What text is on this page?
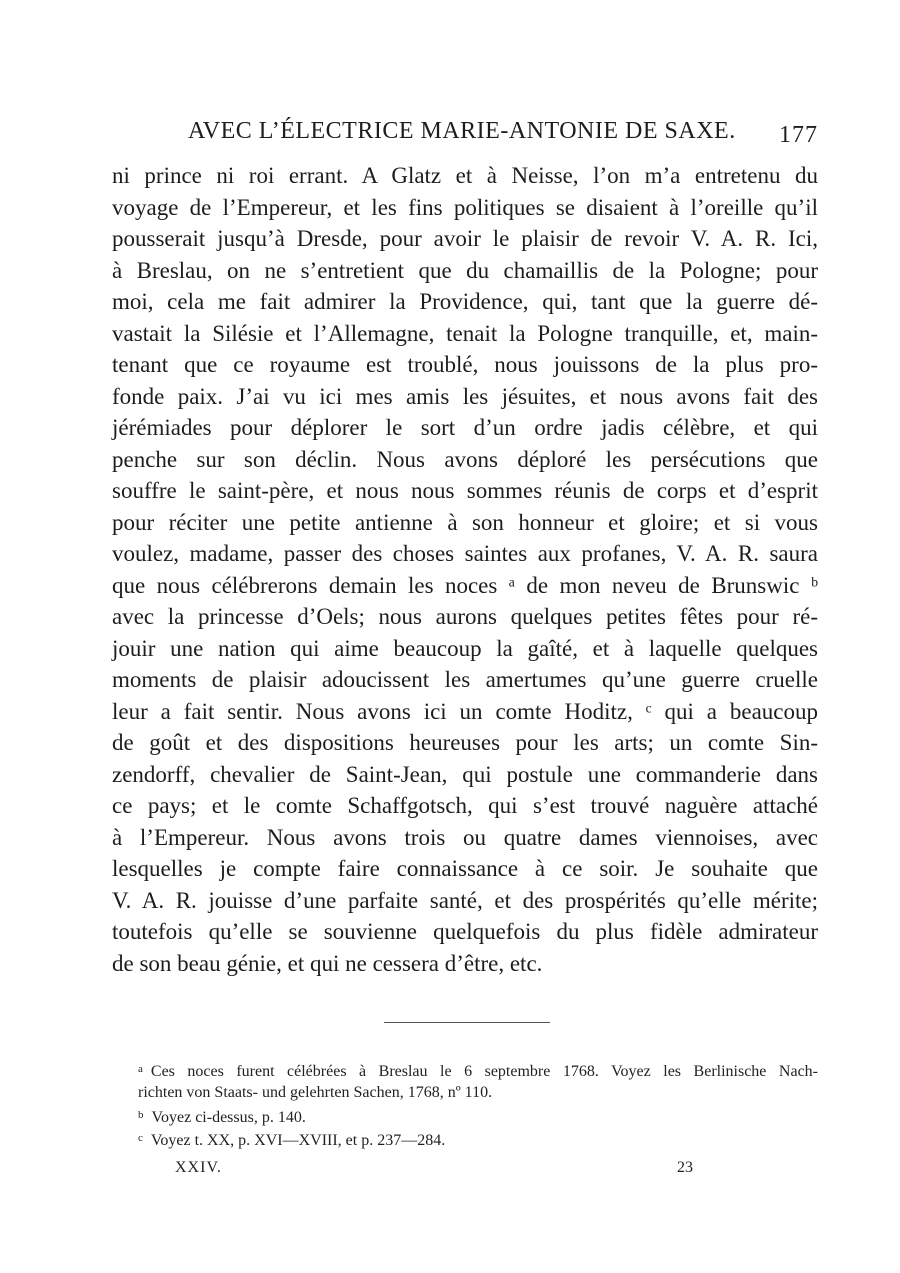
AVEC L’ÉLECTRICE MARIE-ANTONIE DE SAXE. 177
ni prince ni roi errant. A Glatz et à Neisse, l’on m’a entretenu du
voyage de l’Empereur, et les fins politiques se disaient à l’oreille qu’il
pousserait jusqu’à Dresde, pour avoir le plaisir de revoir V. A. R. Ici,
à Breslau, on ne s’entretient que du chamaillis de la Pologne; pour
moi, cela me fait admirer la Providence, qui, tant que la guerre dé-
vastait la Silésie et l’Allemagne, tenait la Pologne tranquille, et, main-
tenant que ce royaume est troublé, nous jouissons de la plus pro-
fonde paix. J’ai vu ici mes amis les jésuites, et nous avons fait des
jérémiades pour déplorer le sort d’un ordre jadis célèbre, et qui
penche sur son déclin. Nous avons déploré les persécutions que
souffre le saint-père, et nous nous sommes réunis de corps et d’esprit
pour réciter une petite antienne à son honneur et gloire; et si vous
voulez, madame, passer des choses saintes aux profanes, V. A. R. saura
que nous célébrerons demain les noces ᵃ de mon neveu de Brunswic ᵇ
avec la princesse d’Oels; nous aurons quelques petites fêtes pour ré-
jouir une nation qui aime beaucoup la gaîté, et à laquelle quelques
moments de plaisir adoucissent les amertumes qu’une guerre cruelle
leur a fait sentir. Nous avons ici un comte Hoditz, ᶜ qui a beaucoup
de goût et des dispositions heureuses pour les arts; un comte Sin-
zendorff, chevalier de Saint-Jean, qui postule une commanderie dans
ce pays; et le comte Schaffgotsch, qui s’est trouvé naguère attaché
à l’Empereur. Nous avons trois ou quatre dames viennoises, avec
lesquelles je compte faire connaissance à ce soir. Je souhaite que
V. A. R. jouisse d’une parfaite santé, et des prospérités qu’elle mérite;
toutefois qu’elle se souvienne quelquefois du plus fidèle admirateur
de son beau génie, et qui ne cessera d’être, etc.
$^a$ Ces noces furent célébrées à Breslau le 6 septembre 1768. Voyez les Berlinische Nach-
richten von Staats- und gelehrten Sachen, 1768, nº 110.
$^b$ Voyez ci-dessus, p. 140.
$^c$ Voyez t. XX, p. XVI—XVIII, et p. 237—284.
XXIV.	23
